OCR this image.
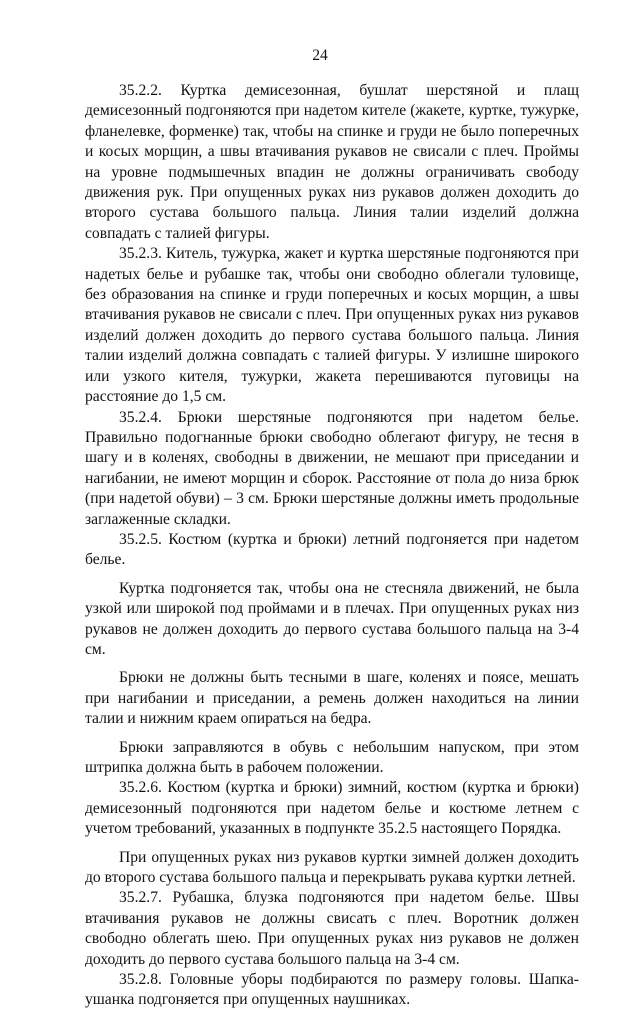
24

35.2.2. Куртка демисезонная, бушлат шерстяной и плащ демисезонный подгоняются при надетом кителе (жакете, куртке, тужурке, фланелевке, форменке) так, чтобы на спинке и груди не было поперечных и косых морщин, а швы втачивания рукавов не свисали с плеч. Проймы на уровне подмышечных впадин не должны ограничивать свободу движения рук. При опущенных руках низ рукавов должен доходить до второго сустава большого пальца. Линия талии изделий должна совпадать с талией фигуры.

35.2.3. Китель, тужурка, жакет и куртка шерстяные подгоняются при надетых белье и рубашке так, чтобы они свободно облегали туловище, без образования на спинке и груди поперечных и косых морщин, а швы втачивания рукавов не свисали с плеч. При опущенных руках низ рукавов изделий должен доходить до первого сустава большого пальца. Линия талии изделий должна совпадать с талией фигуры. У излишне широкого или узкого кителя, тужурки, жакета перешиваются пуговицы на расстояние до 1,5 см.

35.2.4. Брюки шерстяные подгоняются при надетом белье. Правильно подогнанные брюки свободно облегают фигуру, не тесня в шагу и в коленях, свободны в движении, не мешают при приседании и нагибании, не имеют морщин и сборок. Расстояние от пола до низа брюк (при надетой обуви) – 3 см. Брюки шерстяные должны иметь продольные заглаженные складки.

35.2.5. Костюм (куртка и брюки) летний подгоняется при надетом белье.

Куртка подгоняется так, чтобы она не стесняла движений, не была узкой или широкой под проймами и в плечах. При опущенных руках низ рукавов не должен доходить до первого сустава большого пальца на 3-4 см.

Брюки не должны быть тесными в шаге, коленях и поясе, мешать при нагибании и приседании, а ремень должен находиться на линии талии и нижним краем опираться на бедра.

Брюки заправляются в обувь с небольшим напуском, при этом штрипка должна быть в рабочем положении.

35.2.6. Костюм (куртка и брюки) зимний, костюм (куртка и брюки) демисезонный подгоняются при надетом белье и костюме летнем с учетом требований, указанных в подпункте 35.2.5 настоящего Порядка.

При опущенных руках низ рукавов куртки зимней должен доходить до второго сустава большого пальца и перекрывать рукава куртки летней.

35.2.7. Рубашка, блузка подгоняются при надетом белье. Швы втачивания рукавов не должны свисать с плеч. Воротник должен свободно облегать шею. При опущенных руках низ рукавов не должен доходить до первого сустава большого пальца на 3-4 см.

35.2.8. Головные уборы подбираются по размеру головы. Шапка-ушанка подгоняется при опущенных наушниках.
